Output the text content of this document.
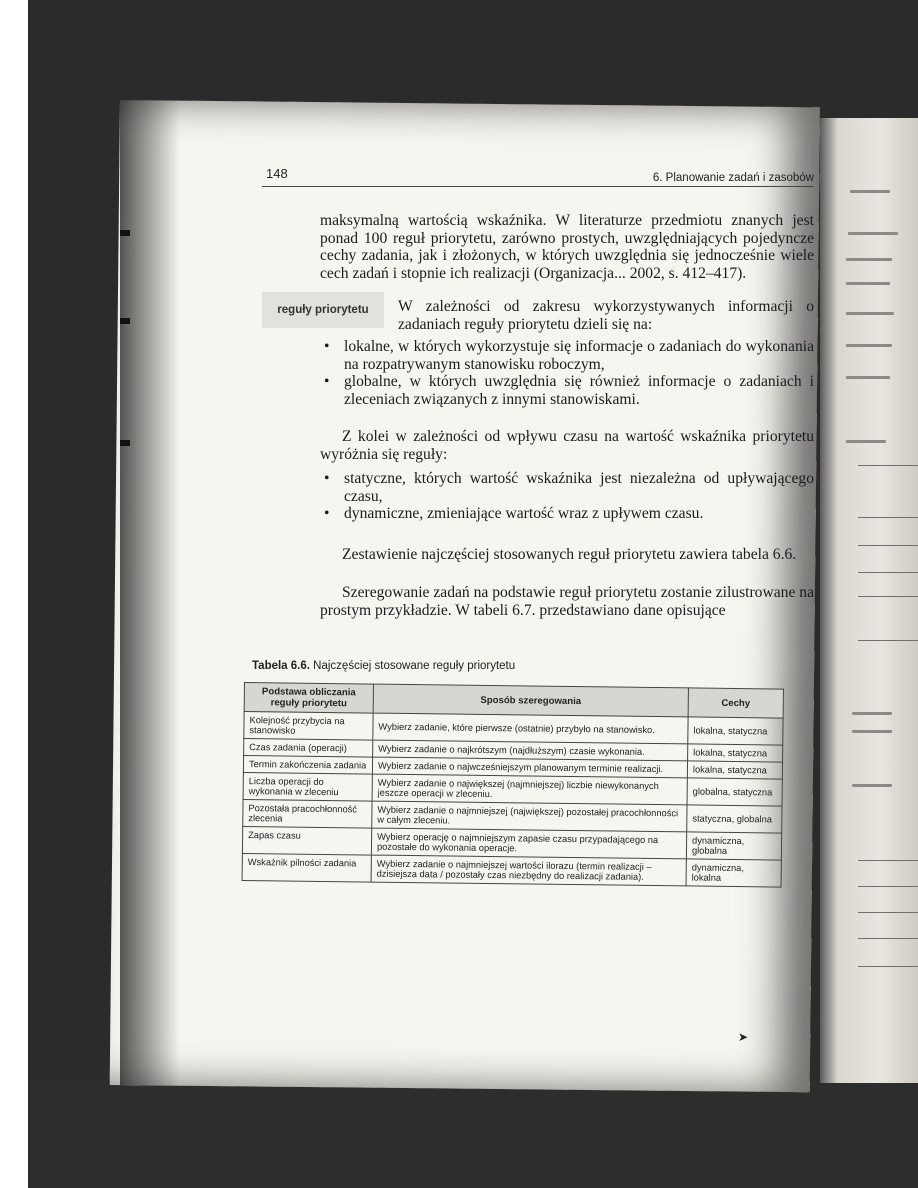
148	6. Planowanie zadań i zasobów

maksymalną wartością wskaźnika. W literaturze przedmiotu znanych jest ponad 100 reguł priorytetu, zarówno prostych, uwzględniających pojedyncze cechy zadania, jak i złożonych, w których uwzględnia się jednocześnie wiele cech zadań i stopnie ich realizacji (Organizacja... 2002, s. 412–417).

reguły priorytetu	W zależności od zakresu wykorzystywanych informacji o zadaniach reguły priorytetu dzieli się na:

• lokalne, w których wykorzystuje się informacje o zadaniach do wykonania na rozpatrywanym stanowisku roboczym,
• globalne, w których uwzględnia się również informacje o zadaniach i zleceniach związanych z innymi stanowiskami.

Z kolei w zależności od wpływu czasu na wartość wskaźnika priorytetu wyróżnia się reguły:

• statyczne, których wartość wskaźnika jest niezależna od upływającego czasu,
• dynamiczne, zmieniające wartość wraz z upływem czasu.

Zestawienie najczęściej stosowanych reguł priorytetu zawiera tabela 6.6.

Szeregowanie zadań na podstawie reguł priorytetu zostanie zilustrowane na prostym przykładzie. W tabeli 6.7. przedstawiano dane opisujące

Tabela 6.6. Najczęściej stosowane reguły priorytetu
Podstawa obliczania reguły priorytetu	Sposób szeregowania	Cechy
Kolejność przybycia na stanowisko	Wybierz zadanie, które pierwsze (ostatnie) przybyło na stanowisko.	lokalna, statyczna
Czas zadania (operacji)	Wybierz zadanie o najkrótszym (najdłuższym) czasie wykonania.	lokalna, statyczna
Termin zakończenia zadania	Wybierz zadanie o najwcześniejszym planowanym terminie realizacji.	lokalna, statyczna
Liczba operacji do wykonania w zleceniu	Wybierz zadanie o największej (najmniejszej) liczbie niewykonanych jeszcze operacji w zleceniu.	globalna, statyczna
Pozostała pracochłonność zlecenia	Wybierz zadanie o najmniejszej (największej) pozostałej pracochłonności w całym zleceniu.	statyczna, globalna
Zapas czasu	Wybierz operację o najmniejszym zapasie czasu przypadającego na pozostałe do wykonania operacje.	dynamiczna, globalna
Wskaźnik pilności zadania	Wybierz zadanie o najmniejszej wartości ilorazu (termin realizacji – dzisiejsza data / pozostały czas niezbędny do realizacji zadania).	dynamiczna, lokalna
➤
